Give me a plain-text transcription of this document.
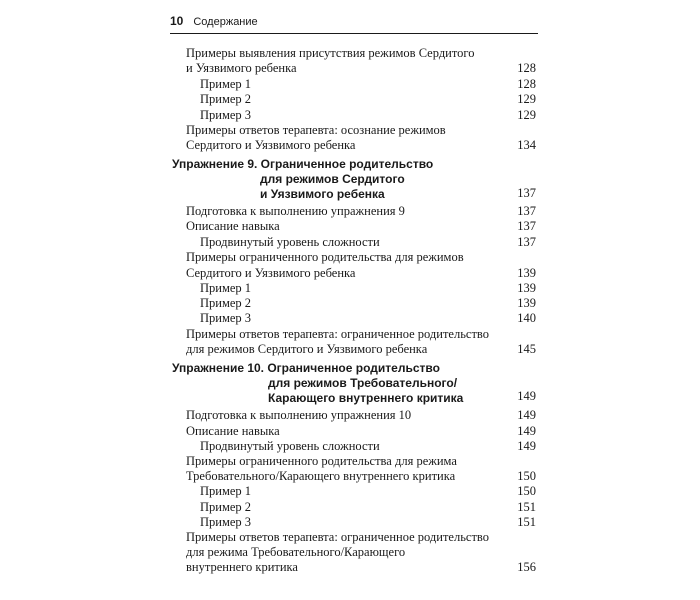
10 Содержание
Примеры выявления присутствия режимов Сердитого
и Уязвимого ребенка	128
Пример 1	128
Пример 2	129
Пример 3	129
Примеры ответов терапевта: осознание режимов
Сердитого и Уязвимого ребенка	134
Упражнение 9. Ограниченное родительство
для режимов Сердитого
и Уязвимого ребенка	137
Подготовка к выполнению упражнения 9	137
Описание навыка	137
Продвинутый уровень сложности	137
Примеры ограниченного родительства для режимов
Сердитого и Уязвимого ребенка	139
Пример 1	139
Пример 2	139
Пример 3	140
Примеры ответов терапевта: ограниченное родительство
для режимов Сердитого и Уязвимого ребенка	145
Упражнение 10. Ограниченное родительство
для режимов Требовательного/
Карающего внутреннего критика	149
Подготовка к выполнению упражнения 10	149
Описание навыка	149
Продвинутый уровень сложности	149
Примеры ограниченного родительства для режима
Требовательного/Карающего внутреннего критика	150
Пример 1	150
Пример 2	151
Пример 3	151
Примеры ответов терапевта: ограниченное родительство
для режима Требовательного/Карающего
внутреннего критика	156
